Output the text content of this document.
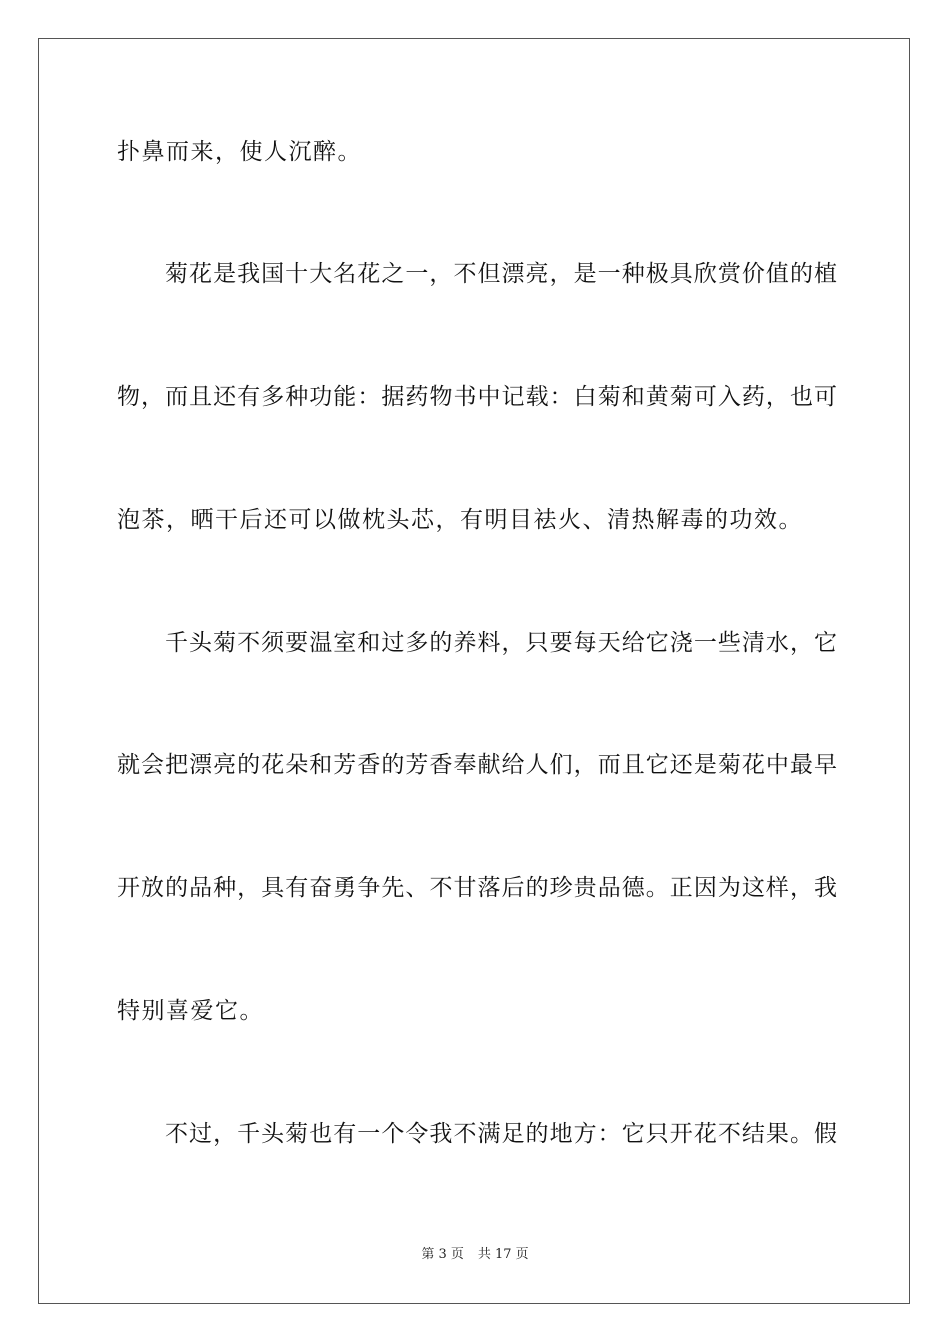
扑鼻而来，使人沉醉。
菊花是我国十大名花之一，不但漂亮，是一种极具欣赏价值的植
物，而且还有多种功能：据药物书中记载：白菊和黄菊可入药，也可
泡茶，晒干后还可以做枕头芯，有明目祛火、清热解毒的功效。
千头菊不须要温室和过多的养料，只要每天给它浇一些清水，它
就会把漂亮的花朵和芳香的芳香奉献给人们，而且它还是菊花中最早
开放的品种，具有奋勇争先、不甘落后的珍贵品德。正因为这样，我
特别喜爱它。
不过，千头菊也有一个令我不满足的地方：它只开花不结果。假
第 3 页 共 17 页
